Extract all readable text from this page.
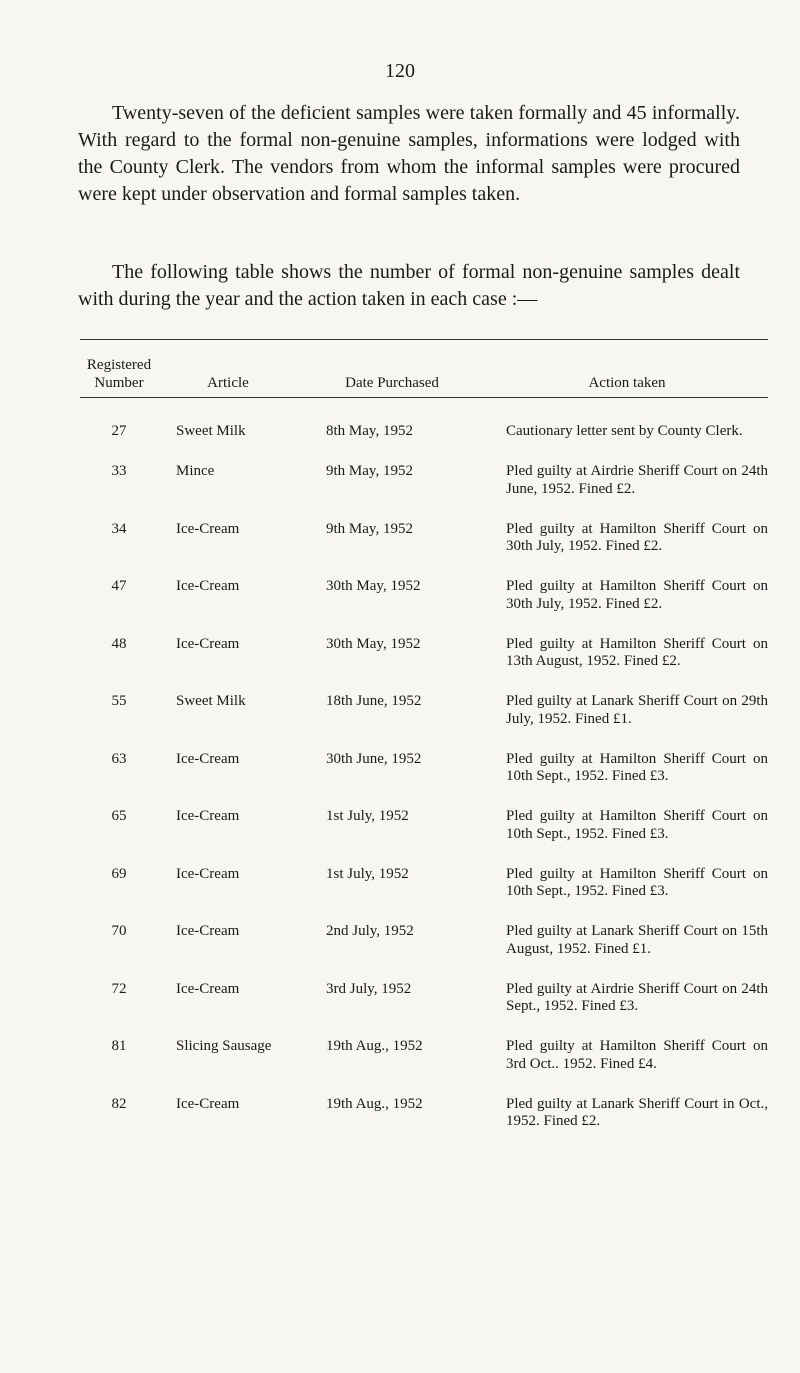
120

Twenty-seven of the deficient samples were taken formally and 45 informally. With regard to the formal non-genuine samples, informations were lodged with the County Clerk. The vendors from whom the informal samples were procured were kept under observation and formal samples taken.

The following table shows the number of formal non-genuine samples dealt with during the year and the action taken in each case :—

Registered Number	Article	Date Purchased	Action taken
27	Sweet Milk	8th May, 1952	Cautionary letter sent by County Clerk.
33	Mince	9th May, 1952	Pled guilty at Airdrie Sheriff Court on 24th June, 1952. Fined £2.
34	Ice-Cream	9th May, 1952	Pled guilty at Hamilton Sheriff Court on 30th July, 1952. Fined £2.
47	Ice-Cream	30th May, 1952	Pled guilty at Hamilton Sheriff Court on 30th July, 1952. Fined £2.
48	Ice-Cream	30th May, 1952	Pled guilty at Hamilton Sheriff Court on 13th August, 1952. Fined £2.
55	Sweet Milk	18th June, 1952	Pled guilty at Lanark Sheriff Court on 29th July, 1952. Fined £1.
63	Ice-Cream	30th June, 1952	Pled guilty at Hamilton Sheriff Court on 10th Sept., 1952. Fined £3.
65	Ice-Cream	1st July, 1952	Pled guilty at Hamilton Sheriff Court on 10th Sept., 1952. Fined £3.
69	Ice-Cream	1st July, 1952	Pled guilty at Hamilton Sheriff Court on 10th Sept., 1952. Fined £3.
70	Ice-Cream	2nd July, 1952	Pled guilty at Lanark Sheriff Court on 15th August, 1952. Fined £1.
72	Ice-Cream	3rd July, 1952	Pled guilty at Airdrie Sheriff Court on 24th Sept., 1952. Fined £3.
81	Slicing Sausage	19th Aug., 1952	Pled guilty at Hamilton Sheriff Court on 3rd Oct.. 1952. Fined £4.
82	Ice-Cream	19th Aug., 1952	Pled guilty at Lanark Sheriff Court in Oct., 1952. Fined £2.
